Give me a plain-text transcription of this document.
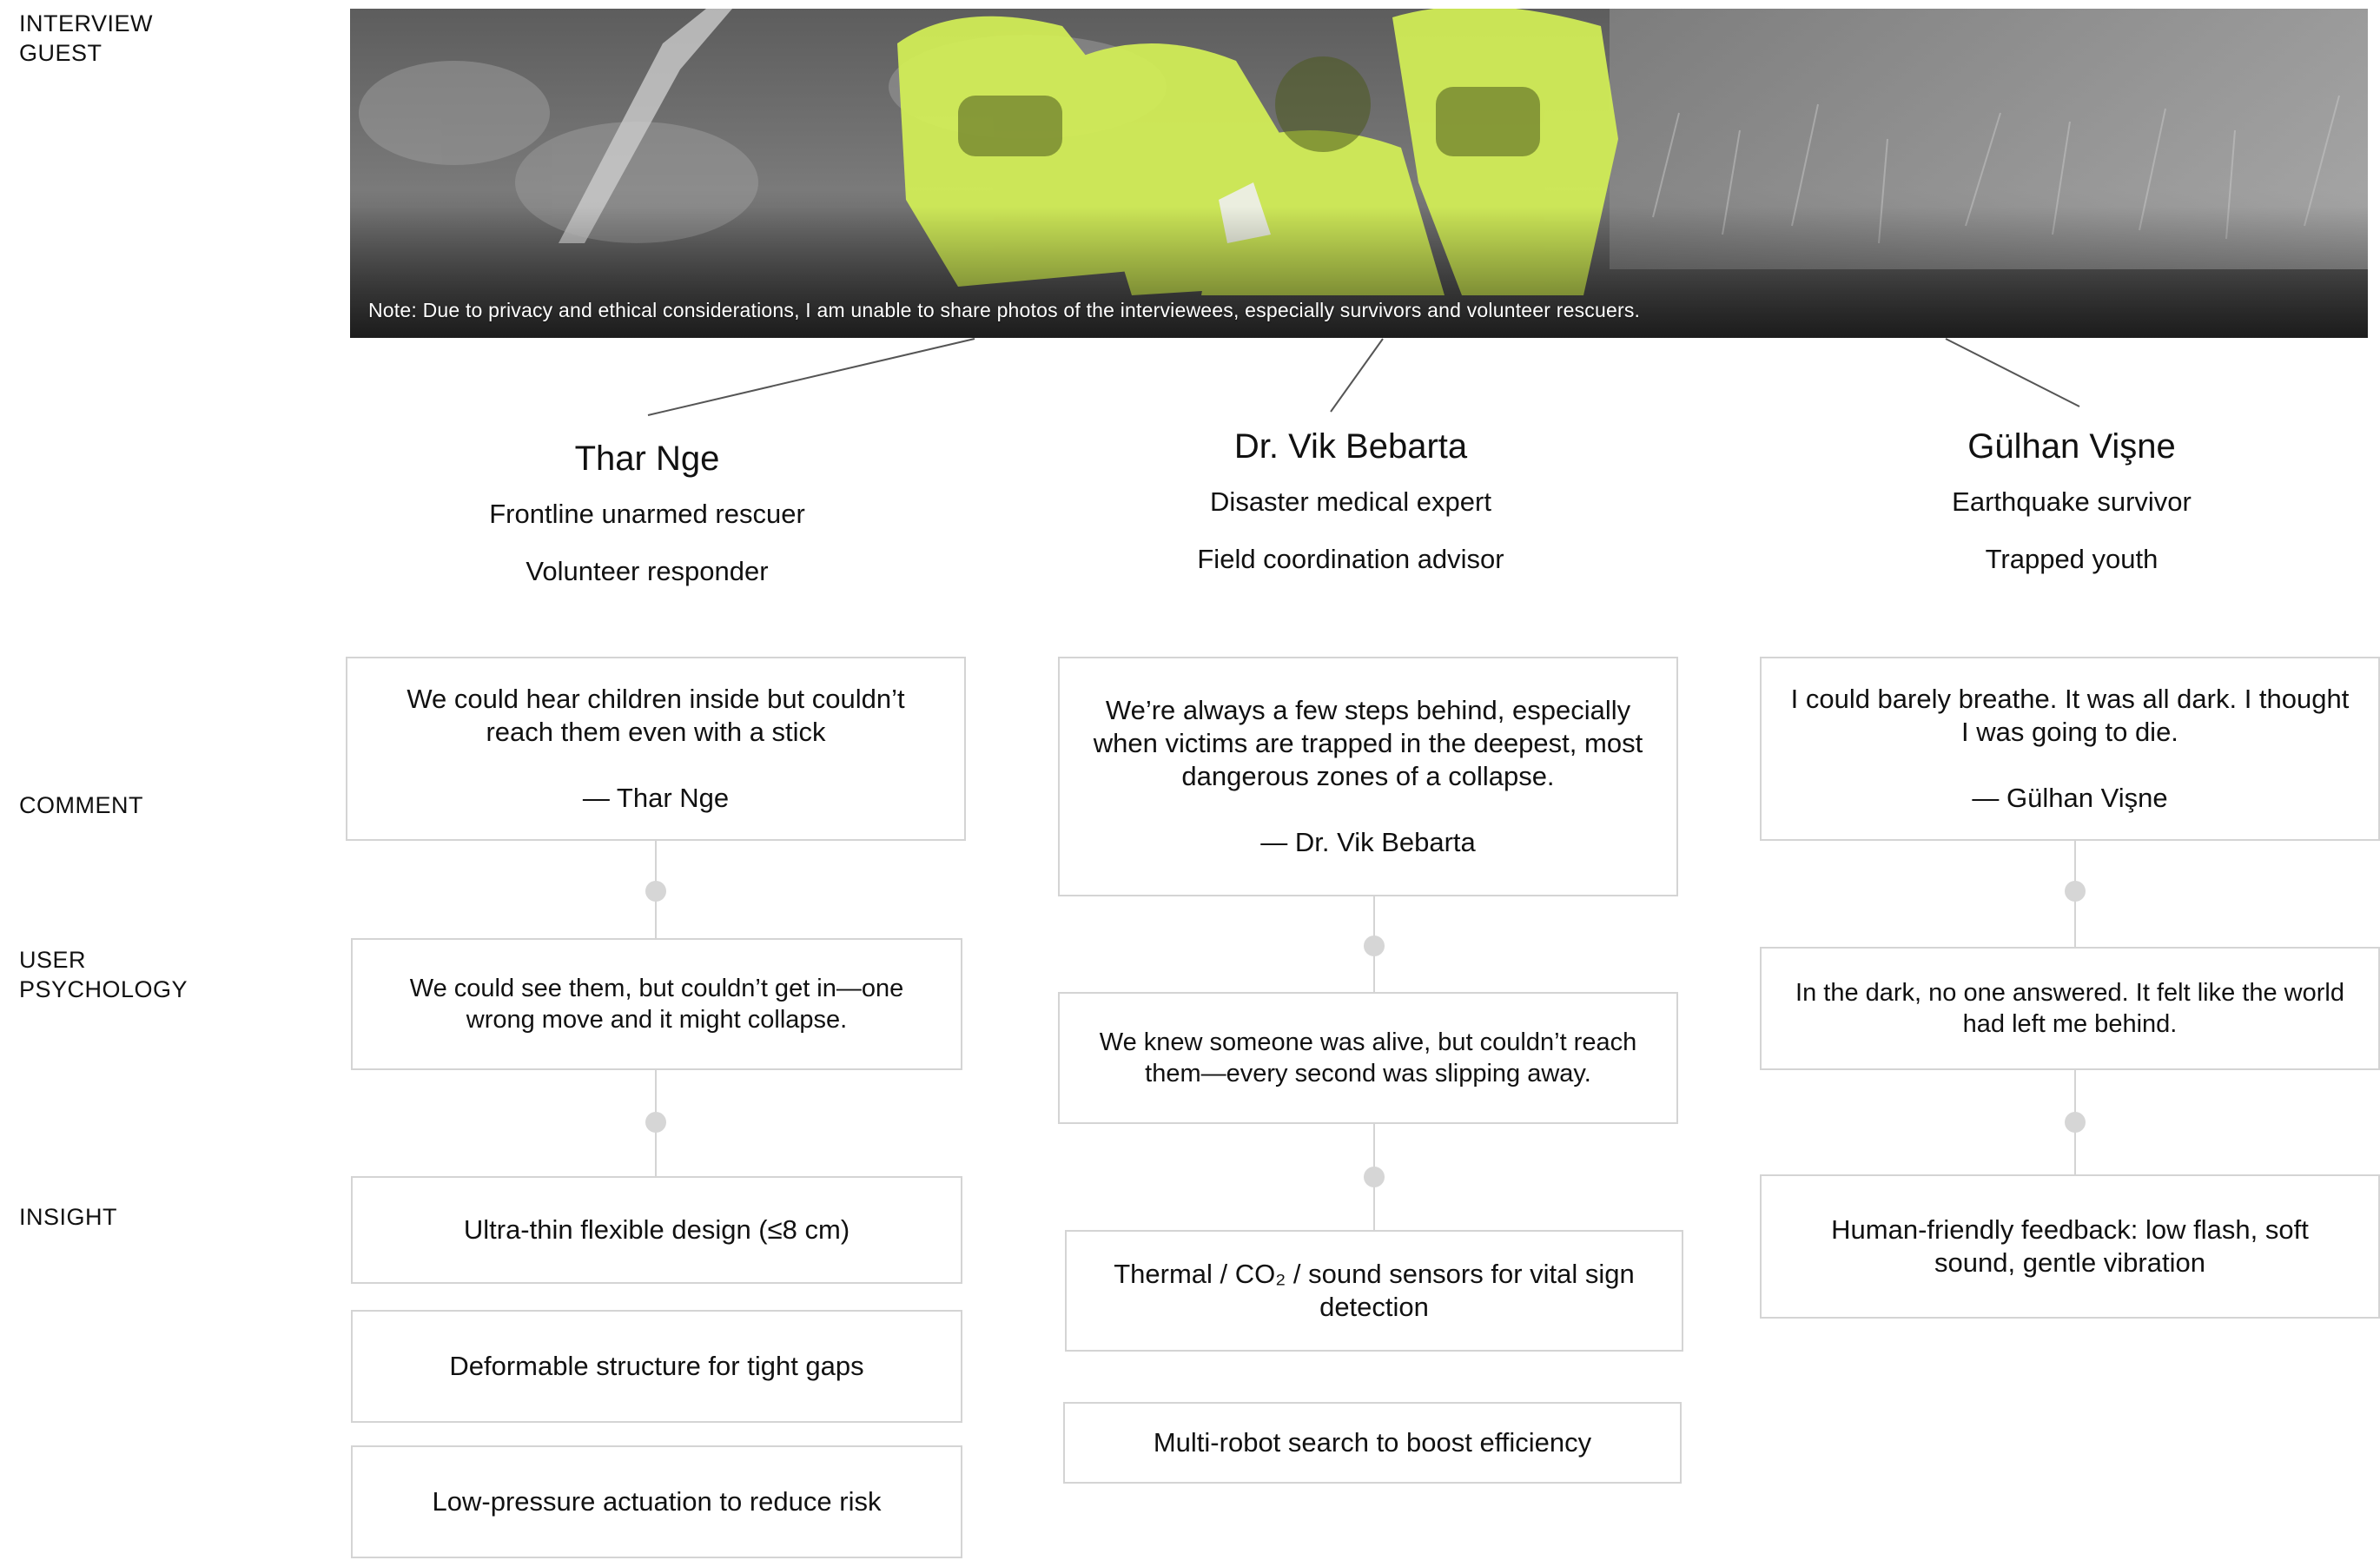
INTERVIEW
GUEST
COMMENT
USER
PSYCHOLOGY
INSIGHT
Note: Due to privacy and ethical considerations, I am unable to share photos of the interviewees, especially survivors and volunteer rescuers.
Thar Nge
Frontline unarmed rescuer
Volunteer responder
Dr. Vik Bebarta
Disaster medical expert
Field coordination advisor
Gülhan Vişne
Earthquake survivor
Trapped youth
We could hear children inside but couldn’t reach them even with a stick
— Thar Nge
We could see them, but couldn’t get in—one wrong move and it might collapse.
Ultra-thin flexible design (≤8 cm)
Deformable structure for tight gaps
Low-pressure actuation to reduce risk
We’re always a few steps behind, especially when victims are trapped in the deepest, most dangerous zones of a collapse.
— Dr. Vik Bebarta
We knew someone was alive, but couldn’t reach them—every second was slipping away.
Thermal / CO₂ / sound sensors for vital sign detection
Multi-robot search to boost efficiency
I could barely breathe. It was all dark. I thought I was going to die.
— Gülhan Vişne
In the dark, no one answered. It felt like the world had left me behind.
Human-friendly feedback: low flash, soft sound, gentle vibration
